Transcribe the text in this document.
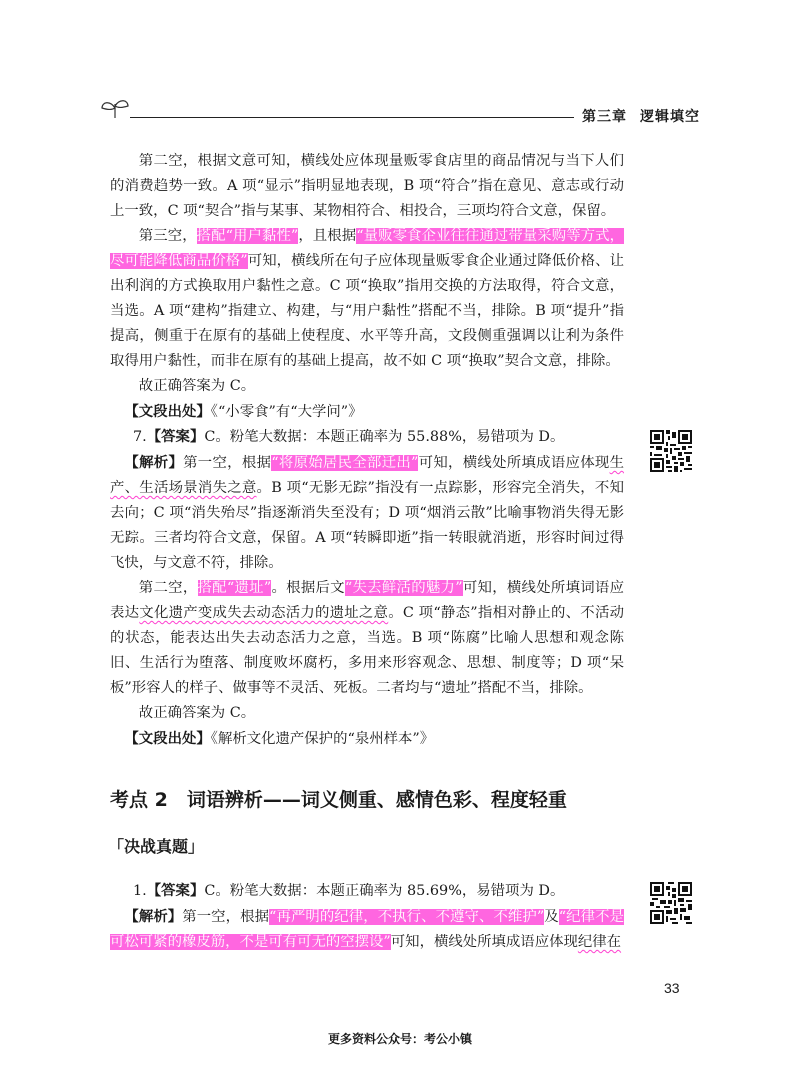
第三章 逻辑填空

第二空，根据文意可知，横线处应体现量贩零食店里的商品情况与当下人们的消费趋势一致。A 项“显示”指明显地表现，B 项“符合”指在意见、意志或行动上一致，C 项“契合”指与某事、某物相符合、相投合，三项均符合文意，保留。

第三空，搭配“用户黏性”，且根据“量贩零食企业往往通过带量采购等方式，尽可能降低商品价格”可知，横线所在句子应体现量贩零食企业通过降低价格、让出利润的方式换取用户黏性之意。C 项“换取”指用交换的方法取得，符合文意，当选。A 项“建构”指建立、构建，与“用户黏性”搭配不当，排除。B 项“提升”指提高，侧重于在原有的基础上使程度、水平等升高，文段侧重强调以让利为条件取得用户黏性，而非在原有的基础上提高，故不如 C 项“换取”契合文意，排除。

故正确答案为 C。

【文段出处】《“小零食”有“大学问”》

7.【答案】C。粉笔大数据：本题正确率为 55.88%，易错项为 D。

【解析】第一空，根据“将原始居民全部迁出”可知，横线处所填成语应体现生产、生活场景消失之意。B 项“无影无踪”指没有一点踪影，形容完全消失，不知去向；C 项“消失殆尽”指逐渐消失至没有；D 项“烟消云散”比喻事物消失得无影无踪。三者均符合文意，保留。A 项“转瞬即逝”指一转眼就消逝，形容时间过得飞快，与文意不符，排除。

第二空，搭配“遗址”。根据后文“失去鲜活的魅力”可知，横线处所填词语应表达文化遗产变成失去动态活力的遗址之意。C 项“静态”指相对静止的、不活动的状态，能表达出失去动态活力之意，当选。B 项“陈腐”比喻人思想和观念陈旧、生活行为堕落、制度败坏腐朽，多用来形容观念、思想、制度等；D 项“呆板”形容人的样子、做事等不灵活、死板。二者均与“遗址”搭配不当，排除。

故正确答案为 C。

【文段出处】《解析文化遗产保护的“泉州样本”》

考点 2　词语辨析——词义侧重、感情色彩、程度轻重
「决战真题」

1.【答案】C。粉笔大数据：本题正确率为 85.69%，易错项为 D。

【解析】第一空，根据“再严明的纪律，不执行、不遵守、不维护”及“纪律不是可松可紧的橡皮筋，不是可有可无的空摆设”可知，横线处所填成语应体现纪律在

33
更多资料公众号：考公小镇
